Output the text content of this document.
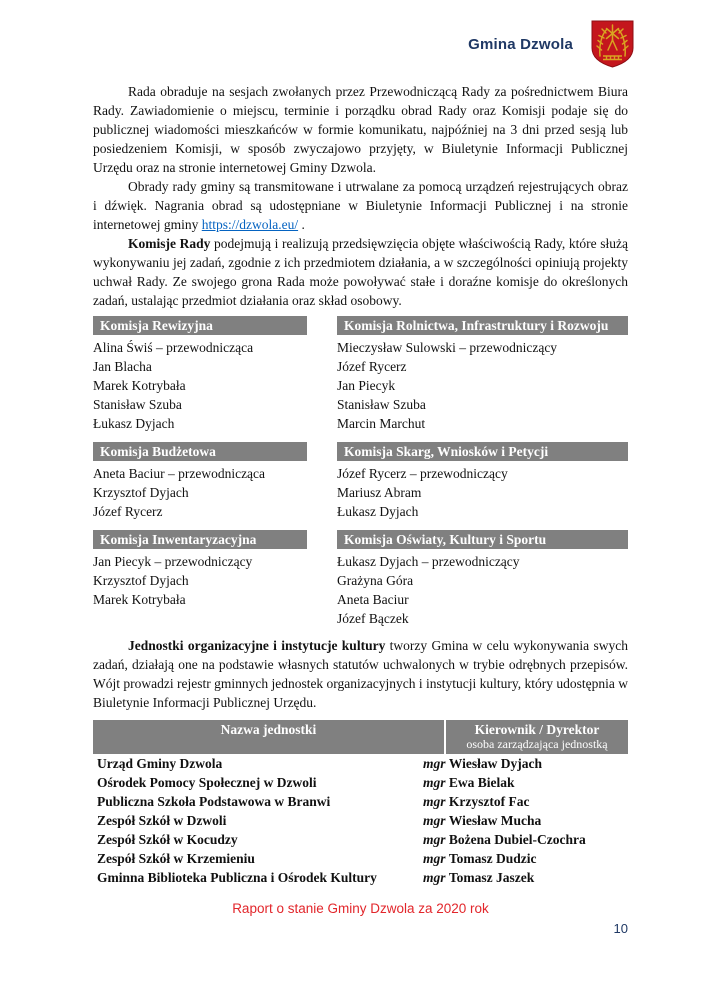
Gmina Dzwola

Rada obraduje na sesjach zwołanych przez Przewodniczącą Rady za pośrednictwem Biura Rady. Zawiadomienie o miejscu, terminie i porządku obrad Rady oraz Komisji podaje się do publicznej wiadomości mieszkańców w formie komunikatu, najpóźniej na 3 dni przed sesją lub posiedzeniem Komisji, w sposób zwyczajowo przyjęty, w Biuletynie Informacji Publicznej Urzędu oraz na stronie internetowej Gminy Dzwola.

Obrady rady gminy są transmitowane i utrwalane za pomocą urządzeń rejestrujących obraz i dźwięk. Nagrania obrad są udostępniane w Biuletynie Informacji Publicznej i na stronie internetowej gminy https://dzwola.eu/ .

Komisje Rady podejmują i realizują przedsięwzięcia objęte właściwością Rady, które służą wykonywaniu jej zadań, zgodnie z ich przedmiotem działania, a w szczególności opiniują projekty uchwał Rady. Ze swojego grona Rada może powoływać stałe i doraźne komisje do określonych zadań, ustalając przedmiot działania oraz skład osobowy.

Komisja Rewizyjna
Alina Świś – przewodnicząca
Jan Blacha
Marek Kotrybała
Stanisław Szuba
Łukasz Dyjach
Komisja Rolnictwa, Infrastruktury i Rozwoju
Mieczysław Sulowski – przewodniczący
Józef Rycerz
Jan Piecyk
Stanisław Szuba
Marcin Marchut
Komisja Budżetowa
Aneta Baciur – przewodnicząca
Krzysztof Dyjach
Józef Rycerz
Komisja Skarg, Wniosków i Petycji
Józef Rycerz – przewodniczący
Mariusz Abram
Łukasz Dyjach
Komisja Inwentaryzacyjna
Jan Piecyk – przewodniczący
Krzysztof Dyjach
Marek Kotrybała
Komisja Oświaty, Kultury i Sportu
Łukasz Dyjach – przewodniczący
Grażyna Góra
Aneta Baciur
Józef Bączek

Jednostki organizacyjne i instytucje kultury tworzy Gmina w celu wykonywania swych zadań, działają one na podstawie własnych statutów uchwalonych w trybie odrębnych przepisów. Wójt prowadzi rejestr gminnych jednostek organizacyjnych i instytucji kultury, który udostępnia w Biuletynie Informacji Publicznej Urzędu.

Nazwa jednostki	Kierownik / Dyrektor
osoba zarządzająca jednostką
Urząd Gminy Dzwola	mgr Wiesław Dyjach
Ośrodek Pomocy Społecznej w Dzwoli	mgr Ewa Bielak
Publiczna Szkoła Podstawowa w Branwi	mgr Krzysztof Fac
Zespół Szkół w Dzwoli	mgr Wiesław Mucha
Zespół Szkół w Kocudzy	mgr Bożena Dubiel-Czochra
Zespół Szkół w Krzemieniu	mgr Tomasz Dudzic
Gminna Biblioteka Publiczna i Ośrodek Kultury	mgr Tomasz Jaszek
Raport o stanie Gminy Dzwola za 2020 rok
10
